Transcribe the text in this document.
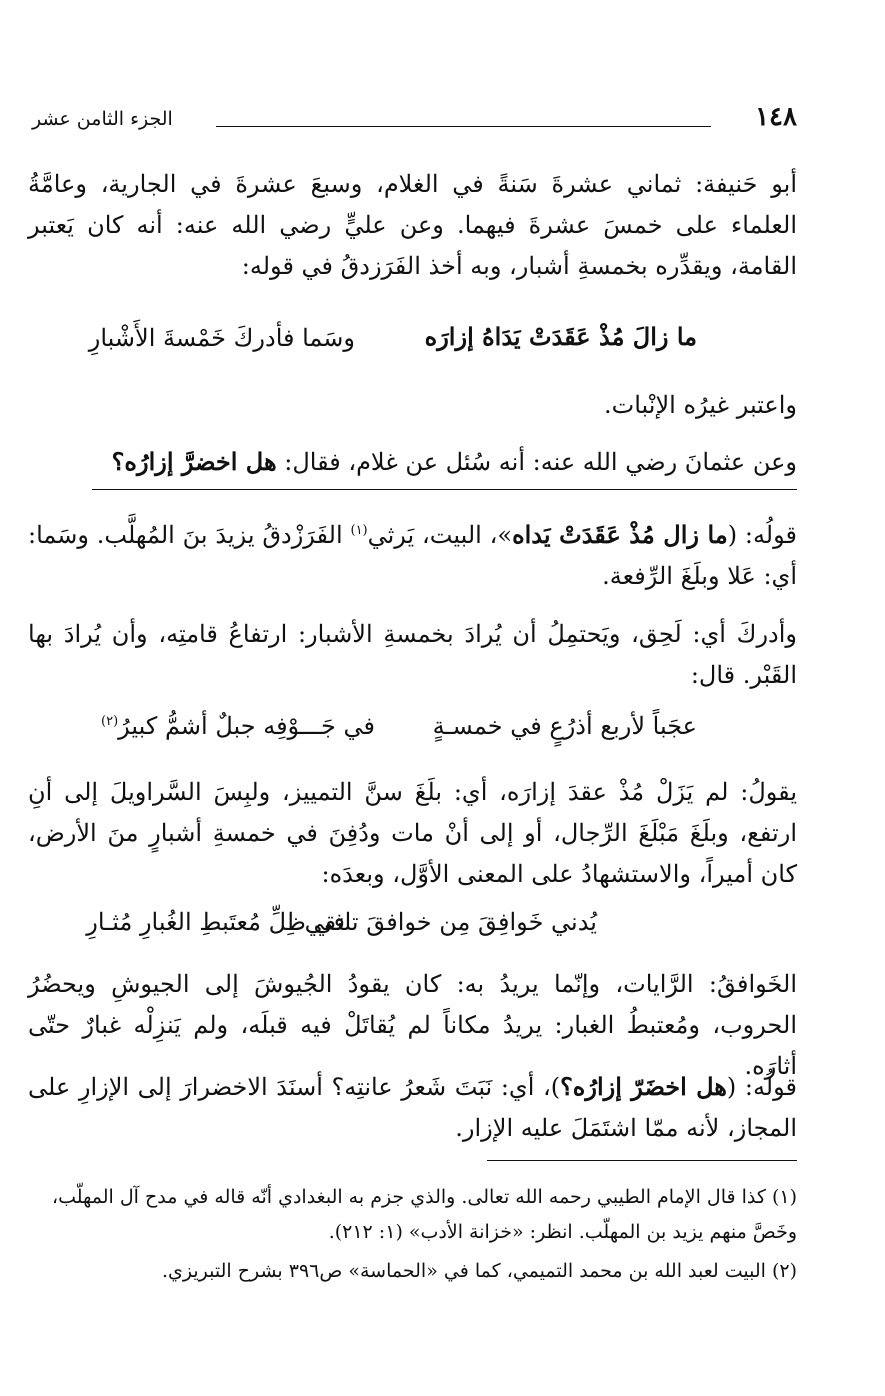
١٤٨
الجزء الثامن عشر
أبو حَنيفة: ثماني عشرةَ سَنةً في الغلام، وسبعَ عشرةَ في الجارية، وعامَّةُ العلماء على خمسَ عشرةَ فيهما. وعن عليٍّ رضي الله عنه: أنه كان يَعتبر القامة، ويقدِّره بخمسةِ أشبار، وبه أخذ الفَرَزدقُ في قوله:
ما زالَ مُذْ عَقَدَتْ يَدَاهُ إزارَه
وسَما فأدركَ خَمْسةَ الأَشْبارِ
واعتبر غيرُه الإنْبات.
وعن عثمانَ رضي الله عنه: أنه سُئل عن غلام، فقال: هل اخضرَّ إزارُه؟
قولُه: (ما زال مُذْ عَقَدَتْ يَداه»، البيت، يَرثي$^{(١)}$ الفَرَزْدقُ يزيدَ بنَ المُهلَّب. وسَما: أي: عَلا وبلَغَ الرِّفعة.
وأدركَ أي: لَحِق، ويَحتمِلُ أن يُرادَ بخمسةِ الأشبار: ارتفاعُ قامتِه، وأن يُرادَ بها القَبْر. قال:
عجَباً لأربع أذرُعٍ في خمسـةٍ
في جَـــوْفِه جبلٌ أشمُّ كبيرُ$^{(٢)}$
يقولُ: لم يَزَلْ مُذْ عقدَ إزارَه، أي: بلَغَ سنَّ التمييز، ولبِسَ السَّراويلَ إلى أنِ ارتفع، وبلَغَ مَبْلَغَ الرِّجال، أو إلى أنْ مات ودُفِنَ في خمسةِ أشبارٍ منَ الأرض، كان أميراً، والاستشهادُ على المعنى الأوَّل، وبعدَه:
يُدني خَوافِقَ مِن خوافقَ تلتقي
في ظِلِّ مُعتَبطِ الغُبارِ مُثـارِ
الخَوافقُ: الرَّايات، وإنّما يريدُ به: كان يقودُ الجُيوشَ إلى الجيوشِ ويحضُرُ الحروب، ومُعتبطُ الغبار: يريدُ مكاناً لم يُقاتَلْ فيه قبلَه، ولم يَنزِلْه غبارٌ حتّى أثارَه.
قولُه: (هل اخضَرّ إزارُه؟)، أي: نَبَتَ شَعرُ عانتِه؟ أسنَدَ الاخضرارَ إلى الإزارِ على المجاز، لأنه ممّا اشتَمَلَ عليه الإزار.
(١) كذا قال الإمام الطيبي رحمه الله تعالى. والذي جزم به البغدادي أنّه قاله في مدح آل المهلّب، وخَصَّ منهم يزيد بن المهلّب. انظر: «خزانة الأدب» (١: ٢١٢).
(٢) البيت لعبد الله بن محمد التميمي، كما في «الحماسة» ص٣٩٦ بشرح التبريزي.
